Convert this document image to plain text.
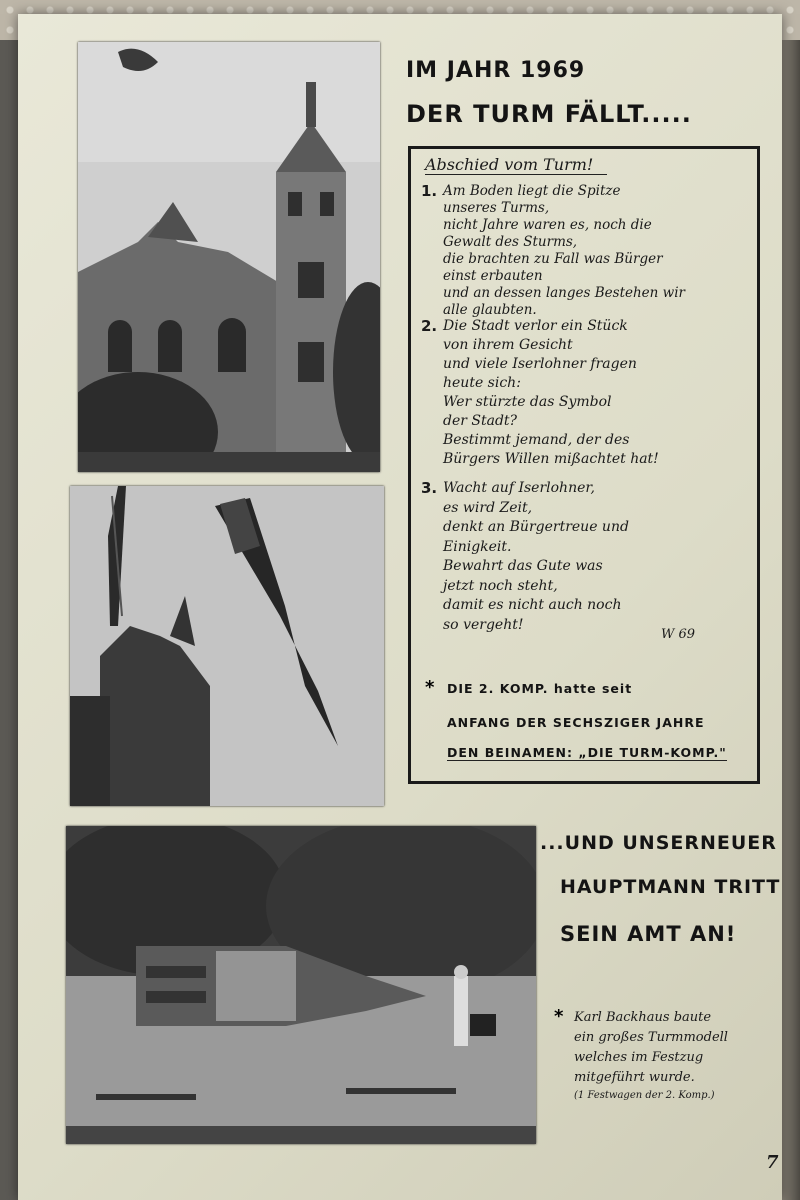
IM JAHR 1969
DER TURM FÄLLT.....
Abschied vom Turm!
1. Am Boden liegt die Spitze
unseres Turms,
nicht Jahre waren es, noch die
Gewalt des Sturms,
die brachten zu Fall was Bürger
einst erbauten
und an dessen langes Bestehen wir
alle glaubten.
2. Die Stadt verlor ein Stück
von ihrem Gesicht
und viele Iserlohner fragen
heute sich:
Wer stürzte das Symbol
der Stadt?
Bestimmt jemand, der des
Bürgers Willen mißachtet hat!
3. Wacht auf Iserlohner,
es wird Zeit,
denkt an Bürgertreue und
Einigkeit.
Bewahrt das Gute was
jetzt noch steht,
damit es nicht auch noch
so vergeht!
W 69
* DIE 2. KOMP. hatte seit
ANFANG DER SECHSZIGER JAHRE
DEN BEINAMEN: „DIE TURM-KOMP."
...UND UNSERNEUER
HAUPTMANN TRITT
SEIN AMT AN!
* Karl Backhaus baute
ein großes Turmmodell
welches im Festzug
mitgeführt wurde.
(1 Festwagen der 2. Komp.)
7
